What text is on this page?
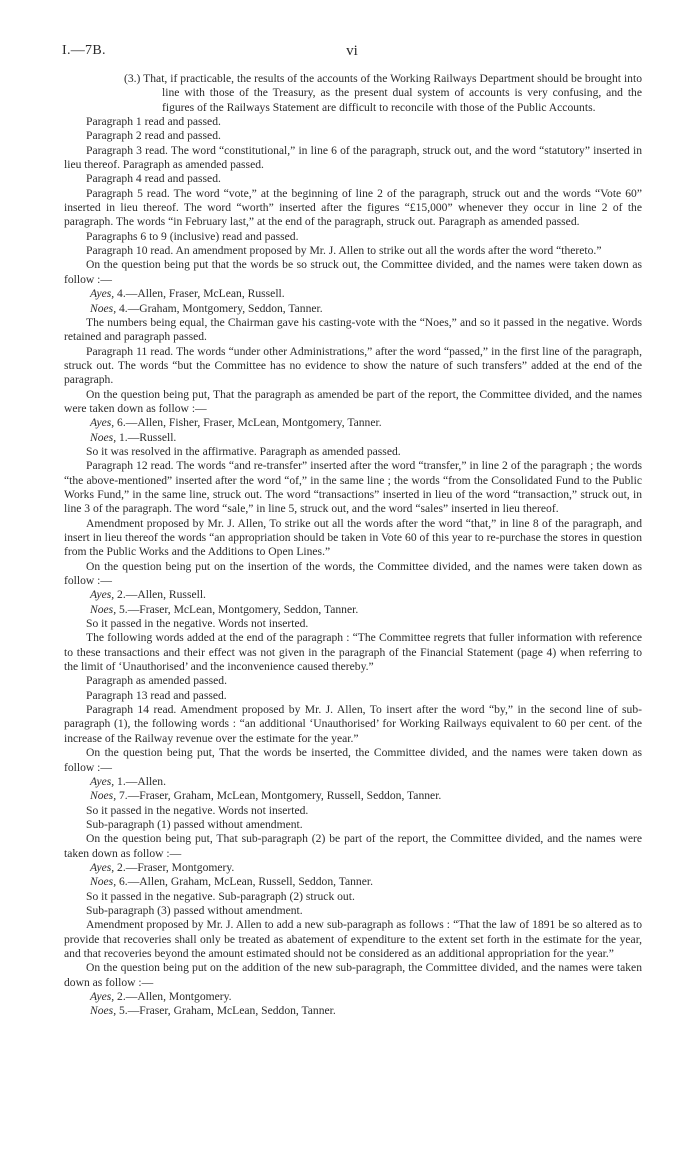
I.—7B.	vi

(3.) That, if practicable, the results of the accounts of the Working Railways Department should be brought into line with those of the Treasury, as the present dual system of accounts is very confusing, and the figures of the Railways Statement are difficult to reconcile with those of the Public Accounts.

Paragraph 1 read and passed.

Paragraph 2 read and passed.

Paragraph 3 read. The word “constitutional,” in line 6 of the paragraph, struck out, and the word “statutory” inserted in lieu thereof. Paragraph as amended passed.

Paragraph 4 read and passed.

Paragraph 5 read. The word “vote,” at the beginning of line 2 of the paragraph, struck out and the words “Vote 60” inserted in lieu thereof. The word “worth” inserted after the figures “£15,000” whenever they occur in line 2 of the paragraph. The words “in February last,” at the end of the paragraph, struck out. Paragraph as amended passed.

Paragraphs 6 to 9 (inclusive) read and passed.

Paragraph 10 read. An amendment proposed by Mr. J. Allen to strike out all the words after the word “thereto.”

On the question being put that the words be so struck out, the Committee divided, and the names were taken down as follow :—

Ayes, 4.—Allen, Fraser, McLean, Russell.

Noes, 4.—Graham, Montgomery, Seddon, Tanner.

The numbers being equal, the Chairman gave his casting-vote with the “Noes,” and so it passed in the negative. Words retained and paragraph passed.

Paragraph 11 read. The words “under other Administrations,” after the word “passed,” in the first line of the paragraph, struck out. The words “but the Committee has no evidence to show the nature of such transfers” added at the end of the paragraph.

On the question being put, That the paragraph as amended be part of the report, the Committee divided, and the names were taken down as follow :—

Ayes, 6.—Allen, Fisher, Fraser, McLean, Montgomery, Tanner.

Noes, 1.—Russell.

So it was resolved in the affirmative. Paragraph as amended passed.

Paragraph 12 read. The words “and re-transfer” inserted after the word “transfer,” in line 2 of the paragraph ; the words “the above-mentioned” inserted after the word “of,” in the same line ; the words “from the Consolidated Fund to the Public Works Fund,” in the same line, struck out. The word “transactions” inserted in lieu of the word “transaction,” struck out, in line 3 of the paragraph. The word “sale,” in line 5, struck out, and the word “sales” inserted in lieu thereof.

Amendment proposed by Mr. J. Allen, To strike out all the words after the word “that,” in line 8 of the paragraph, and insert in lieu thereof the words “an appropriation should be taken in Vote 60 of this year to re-purchase the stores in question from the Public Works and the Additions to Open Lines.”

On the question being put on the insertion of the words, the Committee divided, and the names were taken down as follow :—

Ayes, 2.—Allen, Russell.

Noes, 5.—Fraser, McLean, Montgomery, Seddon, Tanner.

So it passed in the negative. Words not inserted.

The following words added at the end of the paragraph : “The Committee regrets that fuller information with reference to these transactions and their effect was not given in the paragraph of the Financial Statement (page 4) when referring to the limit of ‘Unauthorised’ and the inconvenience caused thereby.”

Paragraph as amended passed.

Paragraph 13 read and passed.

Paragraph 14 read. Amendment proposed by Mr. J. Allen, To insert after the word “by,” in the second line of sub-paragraph (1), the following words : “an additional ‘Unauthorised’ for Working Railways equivalent to 60 per cent. of the increase of the Railway revenue over the estimate for the year.”

On the question being put, That the words be inserted, the Committee divided, and the names were taken down as follow :—

Ayes, 1.—Allen.

Noes, 7.—Fraser, Graham, McLean, Montgomery, Russell, Seddon, Tanner.

So it passed in the negative. Words not inserted.

Sub-paragraph (1) passed without amendment.

On the question being put, That sub-paragraph (2) be part of the report, the Committee divided, and the names were taken down as follow :—

Ayes, 2.—Fraser, Montgomery.

Noes, 6.—Allen, Graham, McLean, Russell, Seddon, Tanner.

So it passed in the negative. Sub-paragraph (2) struck out.

Sub-paragraph (3) passed without amendment.

Amendment proposed by Mr. J. Allen to add a new sub-paragraph as follows : “That the law of 1891 be so altered as to provide that recoveries shall only be treated as abatement of expenditure to the extent set forth in the estimate for the year, and that recoveries beyond the amount estimated should not be considered as an additional appropriation for the year.”

On the question being put on the addition of the new sub-paragraph, the Committee divided, and the names were taken down as follow :—

Ayes, 2.—Allen, Montgomery.

Noes, 5.—Fraser, Graham, McLean, Seddon, Tanner.
